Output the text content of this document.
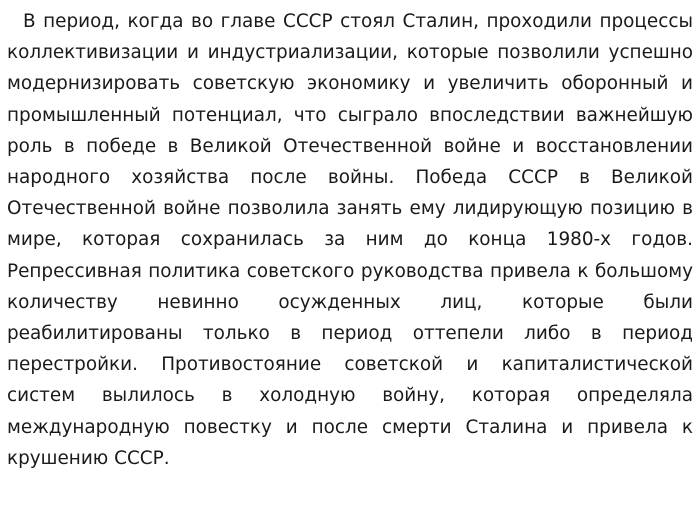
В период, когда во главе СССР стоял Сталин, проходили процессы коллективизации и индустриализации, которые позволили успешно модернизировать советскую экономику и увеличить оборонный и промышленный потенциал, что сыграло впоследствии важнейшую роль в победе в Великой Отечественной войне и восстановлении народного хозяйства после войны. Победа СССР в Великой Отечественной войне позволила занять ему лидирующую позицию в мире, которая сохранилась за ним до конца 1980-х годов. Репрессивная политика советского руководства привела к большому количеству невинно осужденных лиц, которые были реабилитированы только в период оттепели либо в период перестройки. Противостояние советской и капиталистической систем вылилось в холодную войну, которая определяла международную повестку и после смерти Сталина и привела к крушению СССР.
